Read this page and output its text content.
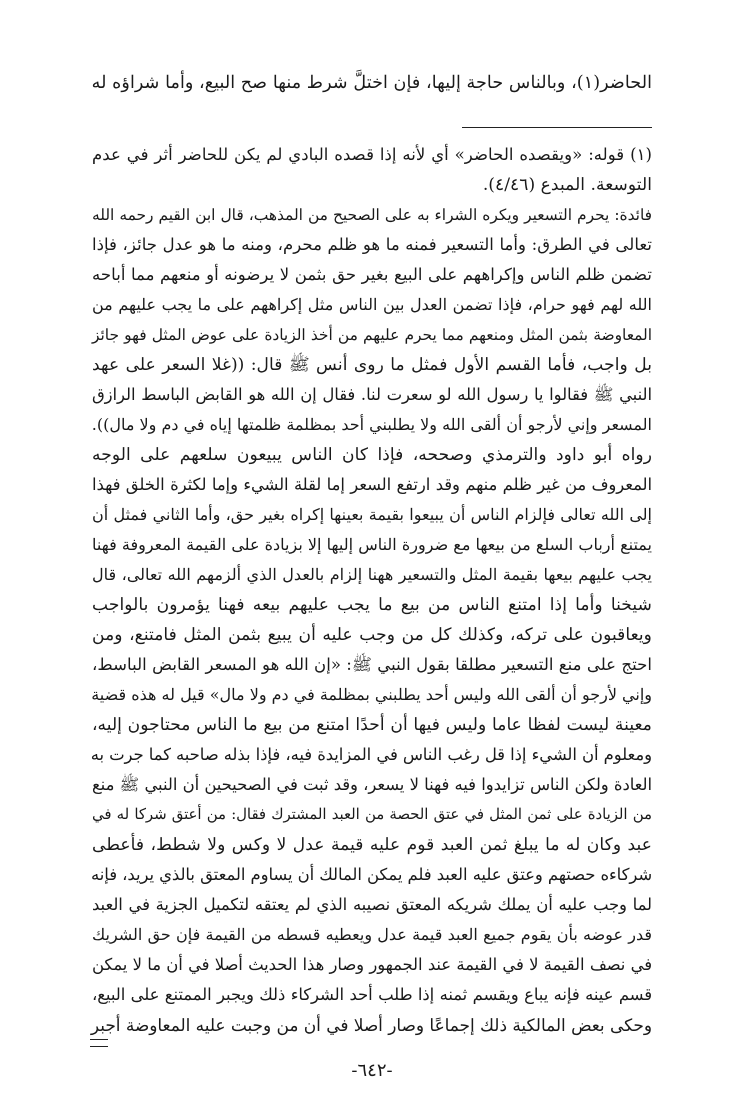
الحاضر(١)، وبالناس حاجة إليها، فإن اختلَّ شرط منها صح البيع، وأما شراؤه له
(١) قوله: «ويقصده الحاضر» أي لأنه إذا قصده البادي لم يكن للحاضر أثر في عدم
التوسعة. المبدع (٤/٤٦).
فائدة: يحرم التسعير ويكره الشراء به على الصحيح من المذهب، قال ابن القيم رحمه الله
تعالى في الطرق: وأما التسعير فمنه ما هو ظلم محرم، ومنه ما هو عدل جائز، فإذا
تضمن ظلم الناس وإكراههم على البيع بغير حق بثمن لا يرضونه أو منعهم مما أباحه
الله لهم فهو حرام، فإذا تضمن العدل بين الناس مثل إكراههم على ما يجب عليهم من
المعاوضة بثمن المثل ومنعهم مما يحرم عليهم من أخذ الزيادة على عوض المثل فهو جائز
بل واجب، فأما القسم الأول فمثل ما روى أنس ﷺ قال: ((غلا السعر على عهد
النبي ﷺ فقالوا يا رسول الله لو سعرت لنا. فقال إن الله هو القابض الباسط الرازق
المسعر وإني لأرجو أن ألقى الله ولا يطلبني أحد بمظلمة ظلمتها إياه في دم ولا مال)).
رواه أبو داود والترمذي وصححه، فإذا كان الناس يبيعون سلعهم على الوجه
المعروف من غير ظلم منهم وقد ارتفع السعر إما لقلة الشيء وإما لكثرة الخلق فهذا
إلى الله تعالى فإلزام الناس أن يبيعوا بقيمة بعينها إكراه بغير حق، وأما الثاني فمثل أن
يمتنع أرباب السلع من بيعها مع ضرورة الناس إليها إلا بزيادة على القيمة المعروفة فهنا
يجب عليهم بيعها بقيمة المثل والتسعير ههنا إلزام بالعدل الذي ألزمهم الله تعالى، قال
شيخنا وأما إذا امتنع الناس من بيع ما يجب عليهم بيعه فهنا يؤمرون بالواجب
ويعاقبون على تركه، وكذلك كل من وجب عليه أن يبيع بثمن المثل فامتنع، ومن
احتج على منع التسعير مطلقا بقول النبي ﷺ: «إن الله هو المسعر القابض الباسط،
وإني لأرجو أن ألقى الله وليس أحد يطلبني بمظلمة في دم ولا مال» قيل له هذه قضية
معينة ليست لفظا عاما وليس فيها أن أحدًا امتنع من بيع ما الناس محتاجون إليه،
ومعلوم أن الشيء إذا قل رغب الناس في المزايدة فيه، فإذا بذله صاحبه كما جرت به
العادة ولكن الناس تزايدوا فيه فهنا لا يسعر، وقد ثبت في الصحيحين أن النبي ﷺ منع
من الزيادة على ثمن المثل في عتق الحصة من العبد المشترك فقال: من أعتق شركا له في
عبد وكان له ما يبلغ ثمن العبد قوم عليه قيمة عدل لا وكس ولا شطط، فأعطى
شركاءه حصتهم وعتق عليه العبد فلم يمكن المالك أن يساوم المعتق بالذي يريد، فإنه
لما وجب عليه أن يملك شريكه المعتق نصيبه الذي لم يعتقه لتكميل الجزية في العبد
قدر عوضه بأن يقوم جميع العبد قيمة عدل ويعطيه قسطه من القيمة فإن حق الشريك
في نصف القيمة لا في القيمة عند الجمهور وصار هذا الحديث أصلا في أن ما لا يمكن
قسم عينه فإنه يباع ويقسم ثمنه إذا طلب أحد الشركاء ذلك ويجبر الممتنع على البيع،
وحكى بعض المالكية ذلك إجماعًا وصار أصلا في أن من وجبت عليه المعاوضة أجبر
-٦٤٢-
